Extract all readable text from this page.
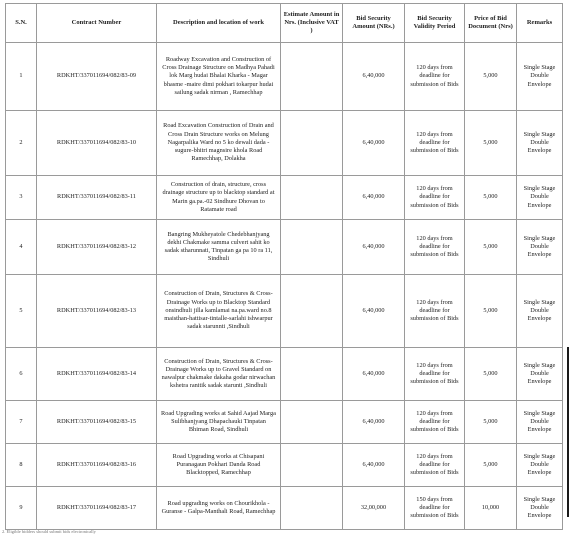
S.N.	Contract Number	Description and location of work	Estimate Amount in Nrs. (Inclusive VAT )	Bid Security Amount (NRs.)	Bid Security Validity Period	Price of Bid Document (Nrs)	Remarks
1	RDKHT/337011694/082/83-09	Roadway Excavation and Construction of Cross Drainage Structure on Madhya Pahadi lok Marg hudai Bhalai Kharka - Magar bhasme -maire dimi pokhari tokarpur hudai sailung sadak nirman , Ramechhap		6,40,000	120 days from deadline for submission of Bids	5,000	Single Stage Double Envelope
2	RDKHT/337011694/082/83-10	Road Excavation Construction of Drain and Cross Drain Structure works on Melung Nagarpalika Ward no 5 ko dewali dada - sugure-bhitri magnsire khola Road Ramechhap, Dolakha		6,40,000	120 days from deadline for submission of Bids	5,000	Single Stage Double Envelope
3	RDKHT/337011694/082/83-11	Construction of drain, structure, cross drainage structure up to blacktop standard at Marin ga.pa.-02 Sindhure Dhovan to Ratamate road		6,40,000	120 days from deadline for submission of Bids	5,000	Single Stage Double Envelope
4	RDKHT/337011694/082/83-12	Bangring Mukheyatole Chedebhanjyang dekhi Chakmake samma culvert sahit ko sadak stharunnati, Tinpatan ga pa 10 ra 11, Sindhuli		6,40,000	120 days from deadline for submission of Bids	5,000	Single Stage Double Envelope
5	RDKHT/337011694/082/83-13	Construction of Drain, Structures & Cross-Drainage Works up to Blacktop Standard onsindhuli jilla kamlamai na.pa.ward no.8 maisthan-hattisar-tintalle-sarlahi ishwarpur sadak starunnti ,Sindhuli		6,40,000	120 days from deadline for submission of Bids	5,000	Single Stage Double Envelope
6	RDKHT/337011694/082/83-14	Construction of Drain, Structures & Cross-Drainage Works up to Gravel Standard on nawalpur chakmake dakaha godar nirwachan kshetra ranitik sadak starunti ,Sindhuli		6,40,000	120 days from deadline for submission of Bids	5,000	Single Stage Double Envelope
7	RDKHT/337011694/082/83-15	Road Upgrading works at Sahid Aajad Marga Sulibhanjyang Dhapachauki Tinpatan Bhiman Road, Sindhuli		6,40,000	120 days from deadline for submission of Bids	5,000	Single Stage Double Envelope
8	RDKHT/337011694/082/83-16	Road Upgrading works at Chisapani Puranagaun Pokhari Danda Road Blacktopped, Ramechhap		6,40,000	120 days from deadline for submission of Bids	5,000	Single Stage Double Envelope
9	RDKHT/337011694/082/83-17	Road upgrading works on Chourikhola - Guranse - Galpa-Manthali Road, Ramechhap		32,00,000	150 days from deadline for submission of Bids	10,000	Single Stage Double Envelope
2. Eligible bidders should submit bids electronically
